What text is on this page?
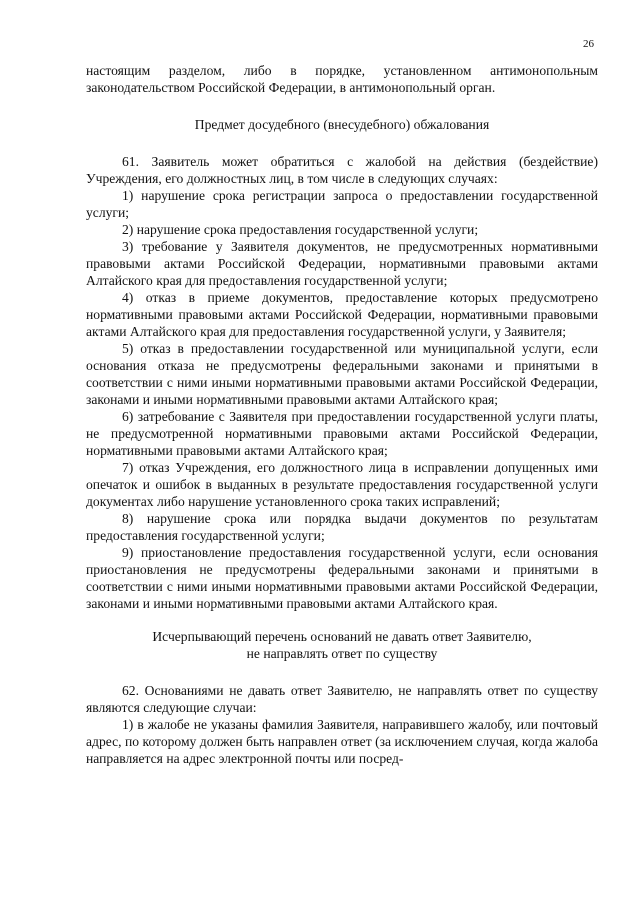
26

настоящим разделом, либо в порядке, установленном антимонопольным законодательством Российской Федерации, в антимонопольный орган.

Предмет досудебного (внесудебного) обжалования

61. Заявитель может обратиться с жалобой на действия (бездействие) Учреждения, его должностных лиц, в том числе в следующих случаях:

1) нарушение срока регистрации запроса о предоставлении государственной услуги;

2) нарушение срока предоставления государственной услуги;

3) требование у Заявителя документов, не предусмотренных нормативными правовыми актами Российской Федерации, нормативными правовыми актами Алтайского края для предоставления государственной услуги;

4) отказ в приеме документов, предоставление которых предусмотрено нормативными правовыми актами Российской Федерации, нормативными правовыми актами Алтайского края для предоставления государственной услуги, у Заявителя;

5) отказ в предоставлении государственной или муниципальной услуги, если основания отказа не предусмотрены федеральными законами и принятыми в соответствии с ними иными нормативными правовыми актами Российской Федерации, законами и иными нормативными правовыми актами Алтайского края;

6) затребование с Заявителя при предоставлении государственной услуги платы, не предусмотренной нормативными правовыми актами Российской Федерации, нормативными правовыми актами Алтайского края;

7) отказ Учреждения, его должностного лица в исправлении допущенных ими опечаток и ошибок в выданных в результате предоставления государственной услуги документах либо нарушение установленного срока таких исправлений;

8) нарушение срока или порядка выдачи документов по результатам предоставления государственной услуги;

9) приостановление предоставления государственной услуги, если основания приостановления не предусмотрены федеральными законами и принятыми в соответствии с ними иными нормативными правовыми актами Российской Федерации, законами и иными нормативными правовыми актами Алтайского края.

Исчерпывающий перечень оснований не давать ответ Заявителю,
не направлять ответ по существу

62. Основаниями не давать ответ Заявителю, не направлять ответ по существу являются следующие случаи:

1) в жалобе не указаны фамилия Заявителя, направившего жалобу, или почтовый адрес, по которому должен быть направлен ответ (за исключением случая, когда жалоба направляется на адрес электронной почты или посред-
